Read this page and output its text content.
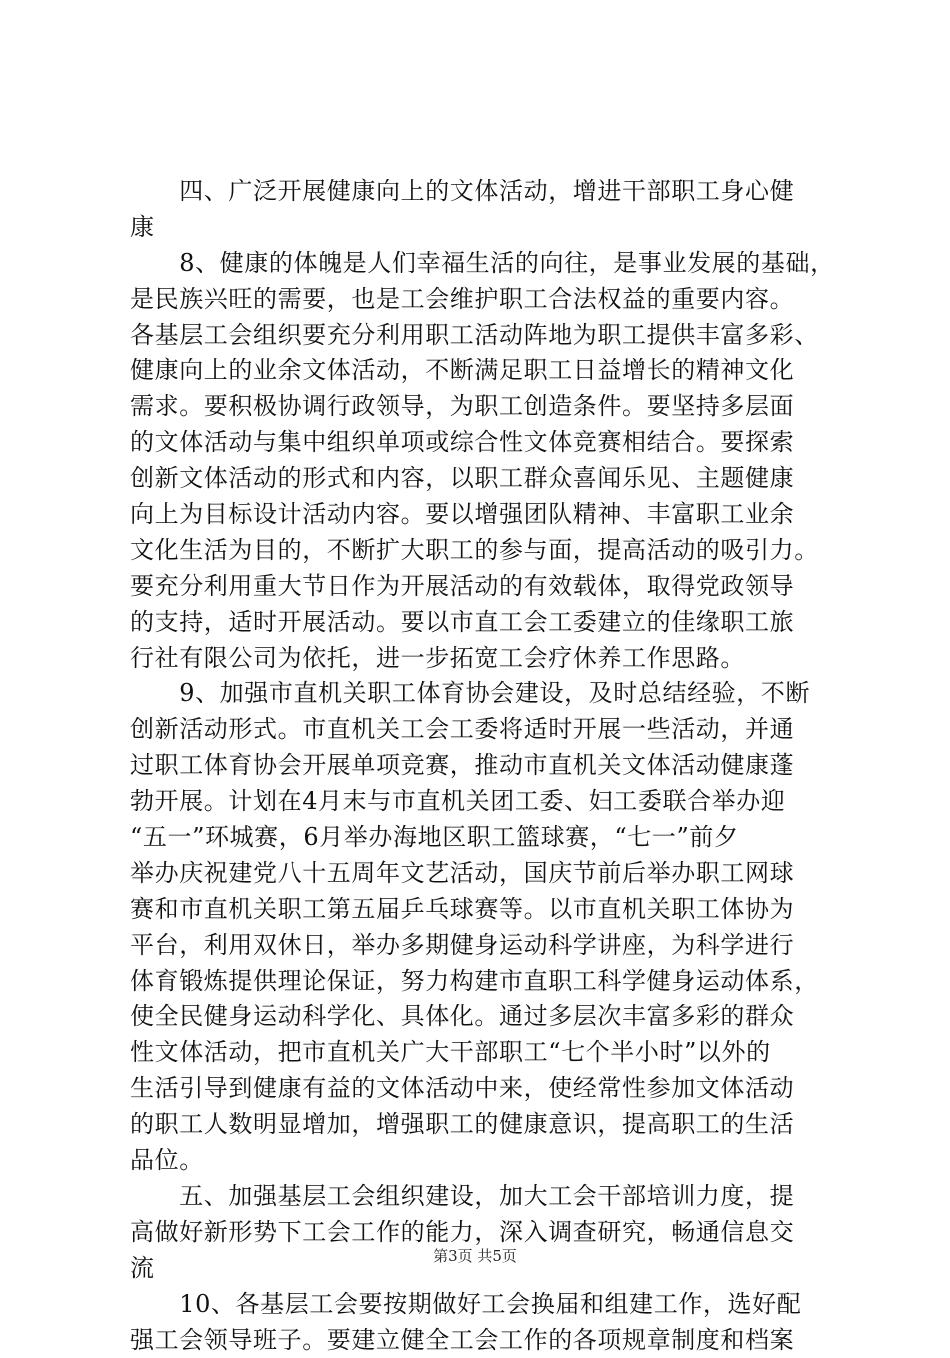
　　四、广泛开展健康向上的文体活动，增进干部职工身心健
康
　　8、健康的体魄是人们幸福生活的向往，是事业发展的基础，
是民族兴旺的需要，也是工会维护职工合法权益的重要内容。
各基层工会组织要充分利用职工活动阵地为职工提供丰富多彩、
健康向上的业余文体活动，不断满足职工日益增长的精神文化
需求。要积极协调行政领导，为职工创造条件。要坚持多层面
的文体活动与集中组织单项或综合性文体竞赛相结合。要探索
创新文体活动的形式和内容，以职工群众喜闻乐见、主题健康
向上为目标设计活动内容。要以增强团队精神、丰富职工业余
文化生活为目的，不断扩大职工的参与面，提高活动的吸引力。
要充分利用重大节日作为开展活动的有效载体，取得党政领导
的支持，适时开展活动。要以市直工会工委建立的佳缘职工旅
行社有限公司为依托，进一步拓宽工会疗休养工作思路。
　　9、加强市直机关职工体育协会建设，及时总结经验，不断
创新活动形式。市直机关工会工委将适时开展一些活动，并通
过职工体育协会开展单项竞赛，推动市直机关文体活动健康蓬
勃开展。计划在4月末与市直机关团工委、妇工委联合举办迎
“五一”环城赛，6月举办海地区职工篮球赛，“七一”前夕
举办庆祝建党八十五周年文艺活动，国庆节前后举办职工网球
赛和市直机关职工第五届乒乓球赛等。以市直机关职工体协为
平台，利用双休日，举办多期健身运动科学讲座，为科学进行
体育锻炼提供理论保证，努力构建市直职工科学健身运动体系，
使全民健身运动科学化、具体化。通过多层次丰富多彩的群众
性文体活动，把市直机关广大干部职工“七个半小时”以外的
生活引导到健康有益的文体活动中来，使经常性参加文体活动
的职工人数明显增加，增强职工的健康意识，提高职工的生活
品位。
　　五、加强基层工会组织建设，加大工会干部培训力度，提
高做好新形势下工会工作的能力，深入调查研究，畅通信息交
流
　　10、各基层工会要按期做好工会换届和组建工作，选好配
强工会领导班子。要建立健全工会工作的各项规章制度和档案
第3页 共5页
